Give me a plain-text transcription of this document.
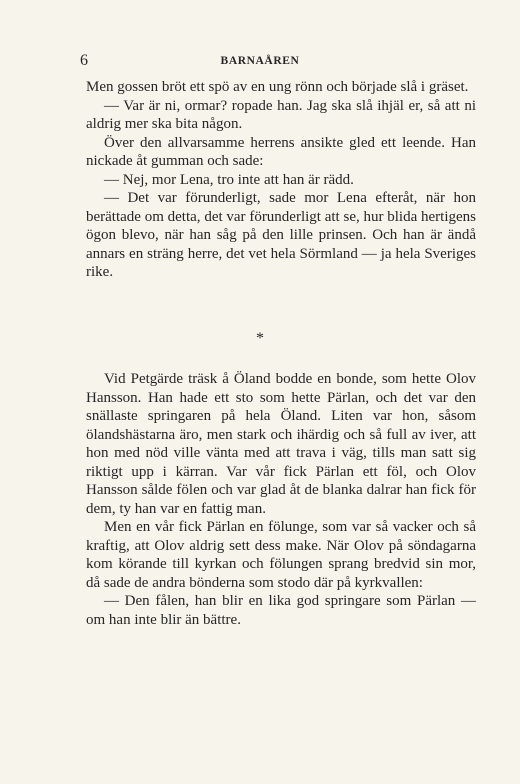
6	BARNAÅREN

Men gossen bröt ett spö av en ung rönn och började slå i gräset.

— Var är ni, ormar? ropade han. Jag ska slå ihjäl er, så att ni aldrig mer ska bita någon.

Över den allvarsamme herrens ansikte gled ett leende. Han nickade åt gumman och sade:

— Nej, mor Lena, tro inte att han är rädd.

— Det var förunderligt, sade mor Lena efteråt, när hon berättade om detta, det var förunderligt att se, hur blida hertigens ögon blevo, när han såg på den lille prinsen. Och han är ändå annars en sträng herre, det vet hela Sörmland — ja hela Sveriges rike.

*

Vid Petgärde träsk å Öland bodde en bonde, som hette Olov Hansson. Han hade ett sto som hette Pärlan, och det var den snällaste springaren på hela Öland. Liten var hon, såsom ölandshästarna äro, men stark och ihärdig och så full av iver, att hon med nöd ville vänta med att trava i väg, tills man satt sig riktigt upp i kärran. Var vår fick Pärlan ett föl, och Olov Hansson sålde fölen och var glad åt de blanka dalrar han fick för dem, ty han var en fattig man.

Men en vår fick Pärlan en fölunge, som var så vacker och så kraftig, att Olov aldrig sett dess make. När Olov på söndagarna kom körande till kyrkan och fölungen sprang bredvid sin mor, då sade de andra bönderna som stodo där på kyrkvallen:

— Den fålen, han blir en lika god springare som Pärlan — om han inte blir än bättre.
